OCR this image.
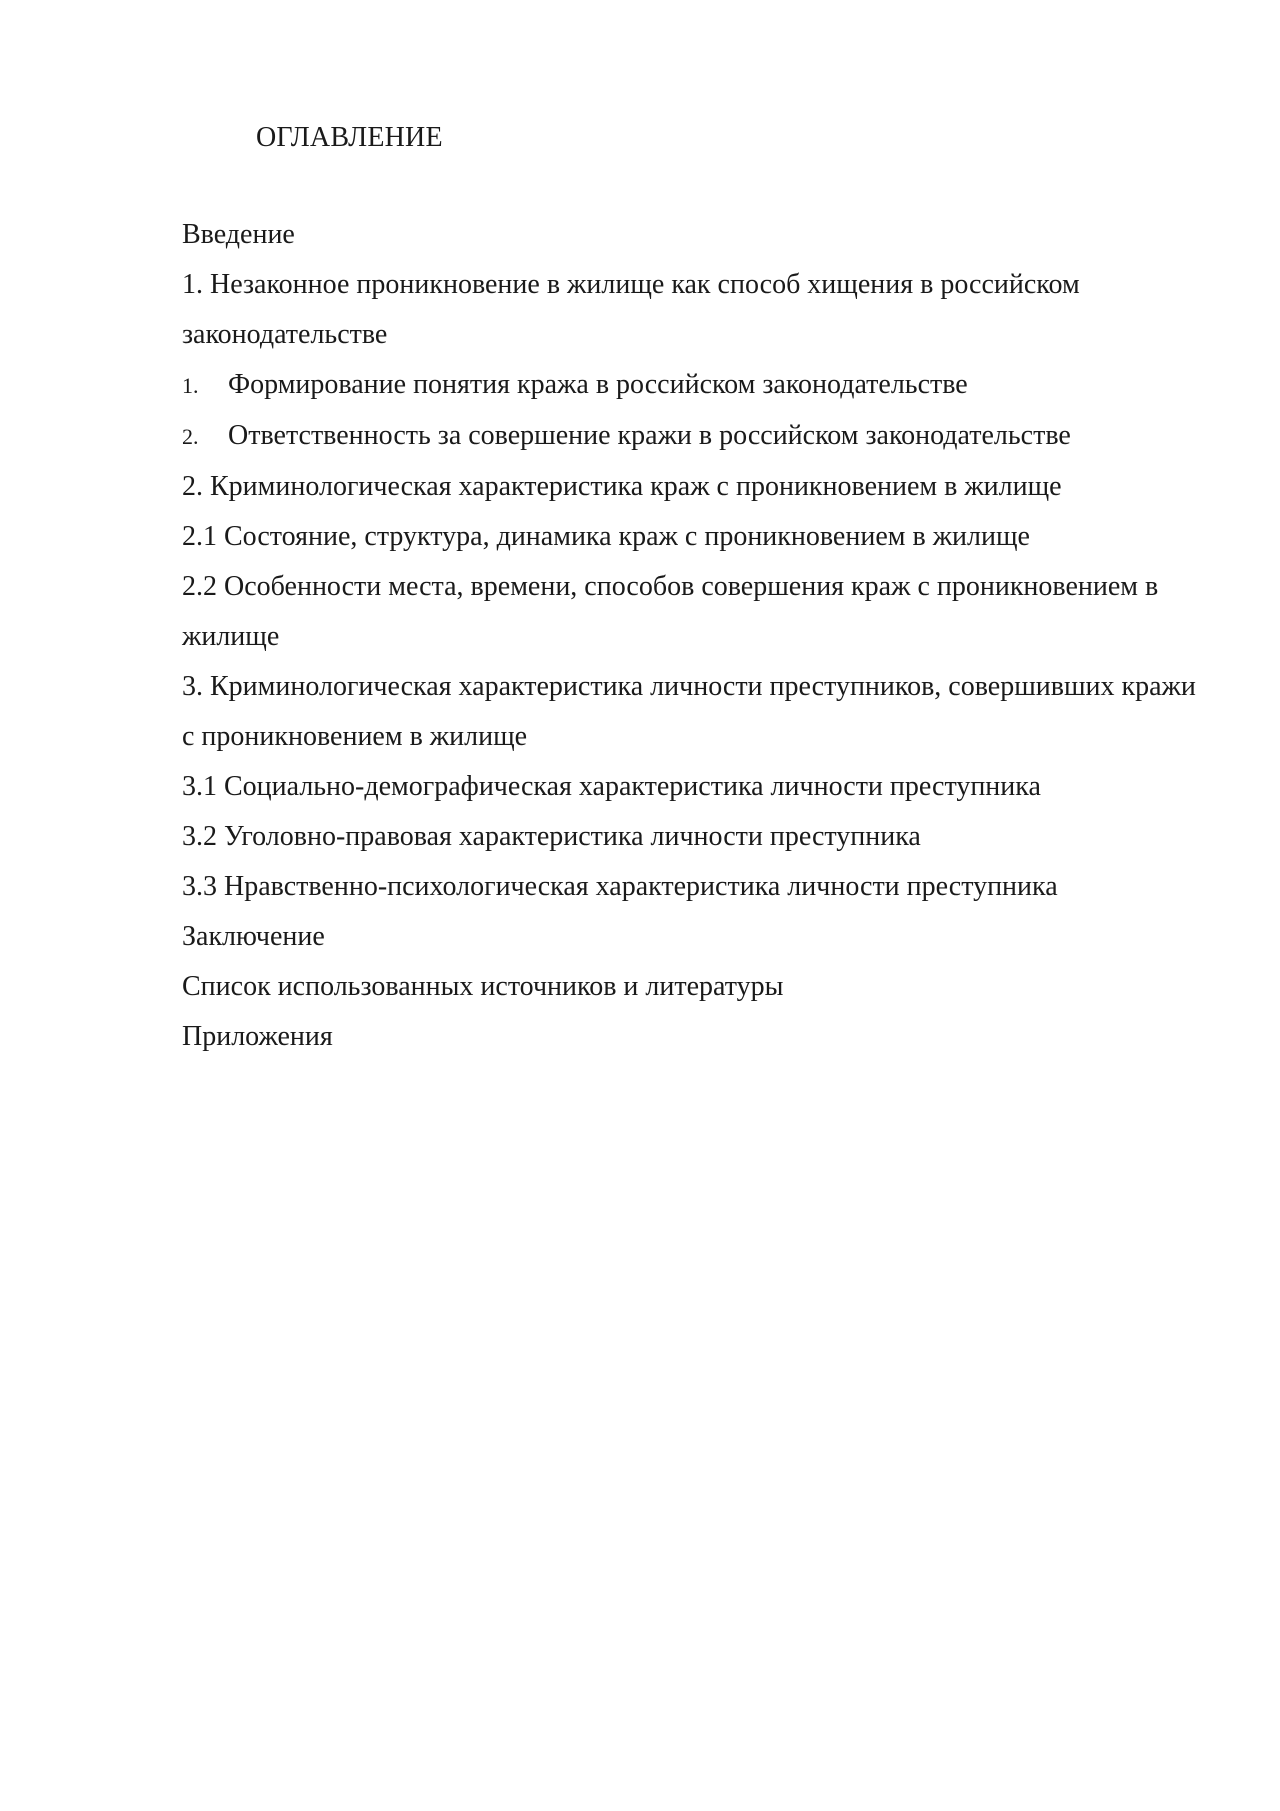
ОГЛАВЛЕНИЕ
Введение
1. Незаконное проникновение в жилище как способ хищения в российском законодательстве
1.	Формирование понятия кража в российском законодательстве
2.	Ответственность за совершение кражи в российском законодательстве
2. Криминологическая характеристика краж с проникновением в жилище
2.1 Состояние, структура, динамика краж с проникновением в жилище
2.2 Особенности места, времени, способов совершения краж с проникновением в жилище
3. Криминологическая характеристика личности преступников, совершивших кражи с проникновением в жилище
3.1 Социально-демографическая характеристика личности преступника
3.2 Уголовно-правовая характеристика личности преступника
3.3 Нравственно-психологическая характеристика личности преступника
Заключение
Список использованных источников и литературы
Приложения
